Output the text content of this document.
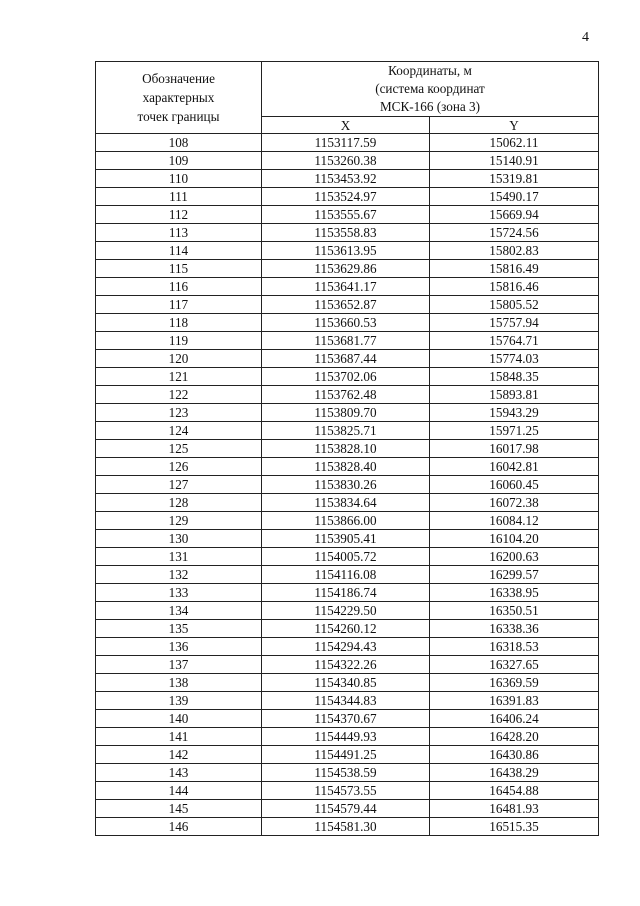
4
Обозначение
характерных
точек границы	Координаты, м
(система координат
МСК-166 (зона 3)	

	X	Y
108	1153117.59	15062.11
109	1153260.38	15140.91
110	1153453.92	15319.81
111	1153524.97	15490.17
112	1153555.67	15669.94
113	1153558.83	15724.56
114	1153613.95	15802.83
115	1153629.86	15816.49
116	1153641.17	15816.46
117	1153652.87	15805.52
118	1153660.53	15757.94
119	1153681.77	15764.71
120	1153687.44	15774.03
121	1153702.06	15848.35
122	1153762.48	15893.81
123	1153809.70	15943.29
124	1153825.71	15971.25
125	1153828.10	16017.98
126	1153828.40	16042.81
127	1153830.26	16060.45
128	1153834.64	16072.38
129	1153866.00	16084.12
130	1153905.41	16104.20
131	1154005.72	16200.63
132	1154116.08	16299.57
133	1154186.74	16338.95
134	1154229.50	16350.51
135	1154260.12	16338.36
136	1154294.43	16318.53
137	1154322.26	16327.65
138	1154340.85	16369.59
139	1154344.83	16391.83
140	1154370.67	16406.24
141	1154449.93	16428.20
142	1154491.25	16430.86
143	1154538.59	16438.29
144	1154573.55	16454.88
145	1154579.44	16481.93
146	1154581.30	16515.35
